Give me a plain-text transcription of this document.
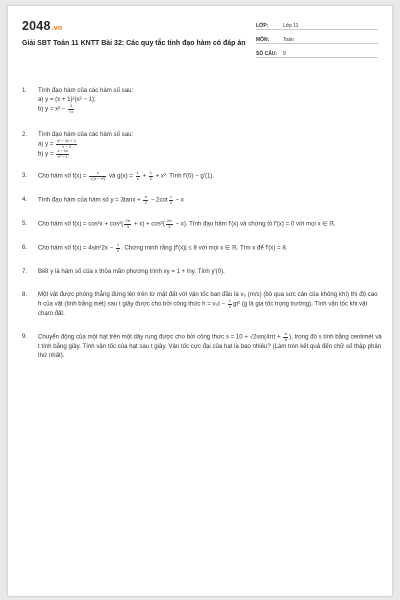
2048.vn
Giải SBT Toán 11 KNTT Bài 32: Các quy tắc tính đạo hàm có đáp án
LỚP:	Lớp 11
MÔN:	Toán
SỐ CÂU:	9
1. Tính đạo hàm của các hàm số sau:
a) y = (x + 1)²(x² − 1);
b) $y = x^2 - \frac{2}{√x}$
2. Tính đạo hàm của các hàm số sau:
a) $y = \frac{\text{x² − 4x + 1}}{x - 2}$
b) $y = \frac{1 - 2x}{\text{x² − 1}}$
3. Cho hàm số $f(x) = \frac{x}{\text{√(4 − x²)}}$ và $g(x) = \frac{1}{x} + \frac{1}{2} + x^2$. Tính f'(0) − g'(1).
4. Tính đạo hàm của hàm số $y = 3\tan x + \frac{\pi}{2} - 2\cot \frac{x}{2} - x$
5. Cho hàm số $f(x) = \cos^2x + \cos^2( \frac{2\pi}{3} + x) + \cos^2( \frac{2\pi}{3} - x)$. Tính đạo hàm f'(x) và chứng tỏ f'(x) = 0 với mọi x ∈ ℝ.
6. Cho hàm số $f(x) = 4\sin^22x - \frac{1}{2}$ . Chứng minh rằng |f'(x)| ≤ 8 với mọi x ∈ ℝ. Tìm x để f'(x) = 8.
7. Biết y là hàm số của x thỏa mãn phương trình xy = 1 + lny. Tính y'(0).
8. Một vật được phóng thẳng đứng lên trên từ mặt đất với vận tốc ban đầu là v₀ (m/s) (bỏ qua sức cản của không khí) thì độ cao h của vật (tính bằng mét) sau t giây được cho bởi công thức $h = v_0t - \frac{1}{2} gt^2$ (g là gia tốc trọng trường). Tính vận tốc khi vật chạm đất.
9. Chuyển động của một hạt trên một dây rung được cho bởi công thức $s = 10 + √2\sin(4\pi t + \frac{\pi}{6}$ ), trong đó s tính bằng centimét và t tính bằng giây. Tính vận tốc của hạt sau t giây. Vận tốc cực đại của hạt là bao nhiêu? (Làm tròn kết quả đến chữ số thập phân thứ nhất).
